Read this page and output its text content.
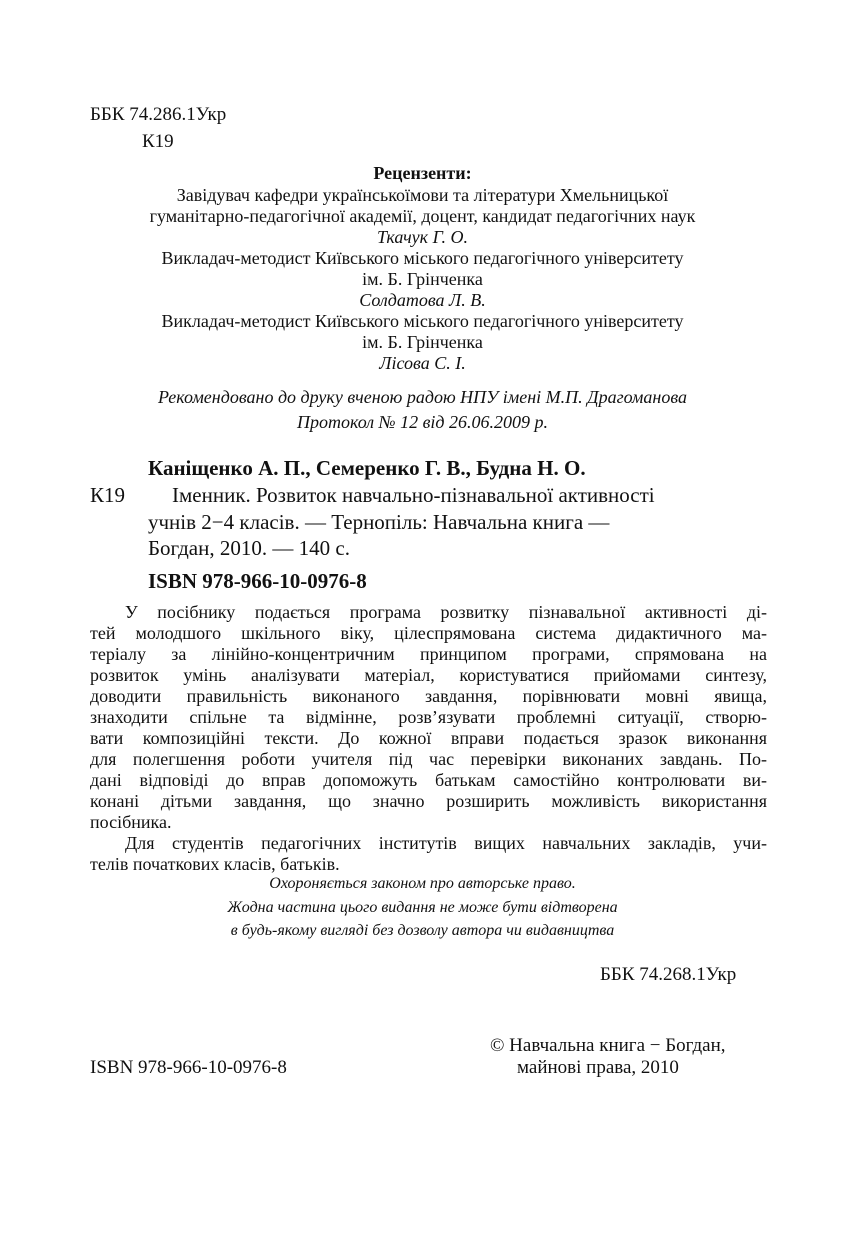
ББК 74.286.1Укр
К19
Рецензенти:
Завідувач кафедри українськоїмови та літератури Хмельницької
гуманітарно-педагогічної академії, доцент, кандидат педагогічних наук
Ткачук Г. О.
Викладач-методист Київського міського педагогічного університету
ім. Б. Грінченка
Солдатова Л. В.
Викладач-методист Київського міського педагогічного університету
ім. Б. Грінченка
Лісова С. І.
Рекомендовано до друку вченою радою НПУ імені М.П. Драгоманова
Протокол № 12 від 26.06.2009 р.
Каніщенко А. П., Семеренко Г. В., Будна Н. О.
К19 Іменник. Розвиток навчально-пізнавальної активності
учнів 2−4 класів. — Тернопіль: Навчальна книга —
Богдан, 2010. — 140 с.
ISBN 978-966-10-0976-8
У посібнику подається програма розвитку пізнавальної активності ді-
тей молодшого шкільного віку, цілеспрямована система дидактичного ма-
теріалу за лінійно-концентричним принципом програми, спрямована на
розвиток умінь аналізувати матеріал, користуватися прийомами синтезу,
доводити правильність виконаного завдання, порівнювати мовні явища,
знаходити спільне та відмінне, розв’язувати проблемні ситуації, створю-
вати композиційні тексти. До кожної вправи подається зразок виконання
для полегшення роботи учителя під час перевірки виконаних завдань. По-
дані відповіді до вправ допоможуть батькам самостійно контролювати ви-
конані дітьми завдання, що значно розширить можливість використання
посібника.
Для студентів педагогічних інститутів вищих навчальних закладів, учи-
телів початкових класів, батьків.
Охороняється законом про авторське право.
Жодна частина цього видання не може бути відтворена
в будь-якому вигляді без дозволу автора чи видавництва
ББК 74.268.1Укр
ISBN 978-966-10-0976-8
© Навчальна книга − Богдан,
майнові права, 2010
